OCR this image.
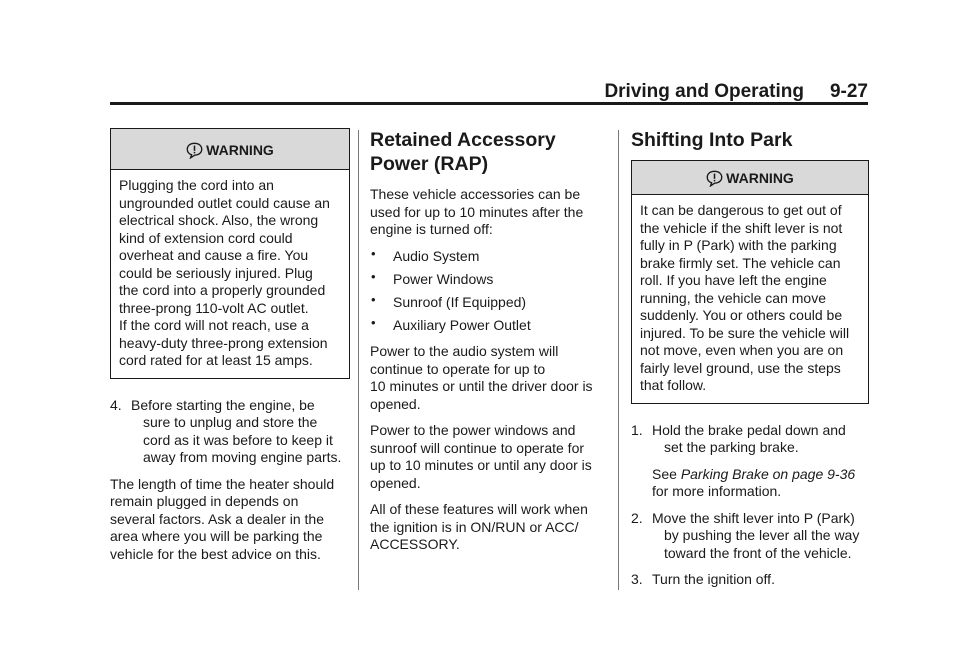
Driving and Operating 9-27
WARNING
Plugging the cord into an
ungrounded outlet could cause an
electrical shock. Also, the wrong
kind of extension cord could
overheat and cause a fire. You
could be seriously injured. Plug
the cord into a properly grounded
three-prong 110-volt AC outlet.
If the cord will not reach, use a
heavy-duty three-prong extension
cord rated for at least 15 amps.
4. Before starting the engine, be
sure to unplug and store the
cord as it was before to keep it
away from moving engine parts.

The length of time the heater should
remain plugged in depends on
several factors. Ask a dealer in the
area where you will be parking the
vehicle for the best advice on this.

Retained Accessory
Power (RAP)

These vehicle accessories can be
used for up to 10 minutes after the
engine is turned off:

• Audio System
• Power Windows
• Sunroof (If Equipped)
• Auxiliary Power Outlet

Power to the audio system will
continue to operate for up to
10 minutes or until the driver door is
opened.

Power to the power windows and
sunroof will continue to operate for
up to 10 minutes or until any door is
opened.

All of these features will work when
the ignition is in ON/RUN or ACC/
ACCESSORY.

Shifting Into Park
WARNING
It can be dangerous to get out of
the vehicle if the shift lever is not
fully in P (Park) with the parking
brake firmly set. The vehicle can
roll. If you have left the engine
running, the vehicle can move
suddenly. You or others could be
injured. To be sure the vehicle will
not move, even when you are on
fairly level ground, use the steps
that follow.
1. Hold the brake pedal down and
set the parking brake.
See Parking Brake on page 9-36
for more information.
2. Move the shift lever into P (Park)
by pushing the lever all the way
toward the front of the vehicle.
3. Turn the ignition off.
